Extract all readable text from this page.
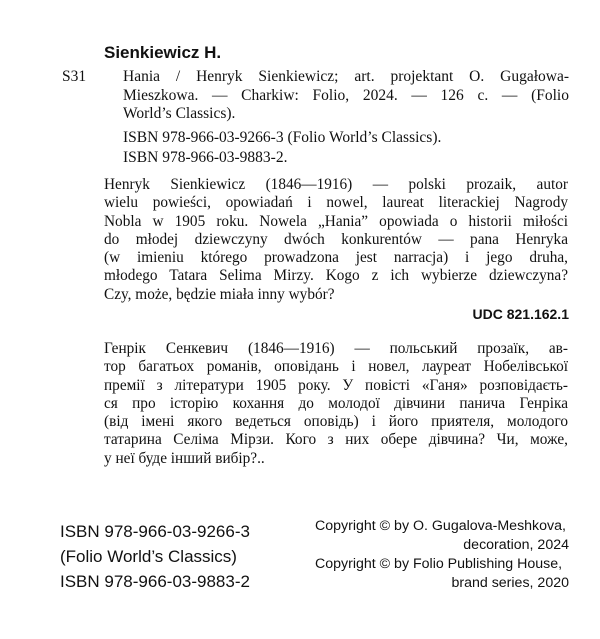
Sienkiewicz H.
S31 Hania / Henryk Sienkiewicz; art. projektant O. Gugałowa-
Mieszkowa. — Charkiw: Folio, 2024. — 126 c. — (Folio
World’s Classics).
ISBN 978-966-03-9266-3 (Folio World’s Classics).
ISBN 978-966-03-9883-2.
Henryk Sienkiewicz (1846—1916) — polski prozaik, autor
wielu powieści, opowiadań i nowel, laureat literackiej Nagrody
Nobla w 1905 roku. Nowela „Hania” opowiada o historii miłości
do młodej dziewczyny dwóch konkurentów — pana Henryka
(w imieniu którego prowadzona jest narracja) i jego druha,
młodego Tatara Selima Mirzy. Kogo z ich wybierze dziewczyna?
Czy, może, będzie miała inny wybór?
UDC 821.162.1
Генрік Сенкевич (1846—1916) — польський прозаїк, ав-
тор багатьох романів, оповідань і новел, лауреат Нобелівської
премії з літератури 1905 року. У повісті «Ганя» розповідаєть-
ся про історію кохання до молодої дівчини панича Генріка
(від імені якого ведеться оповідь) і його приятеля, молодого
татарина Селіма Мірзи. Кого з них обере дівчина? Чи, може,
у неї буде інший вибір?..
ISBN 978-966-03-9266-3
(Folio World’s Classics)
ISBN 978-966-03-9883-2
Copyright © by O. Gugalova-Meshkova,
decoration, 2024
Copyright © by Folio Publishing House,
brand series, 2020
